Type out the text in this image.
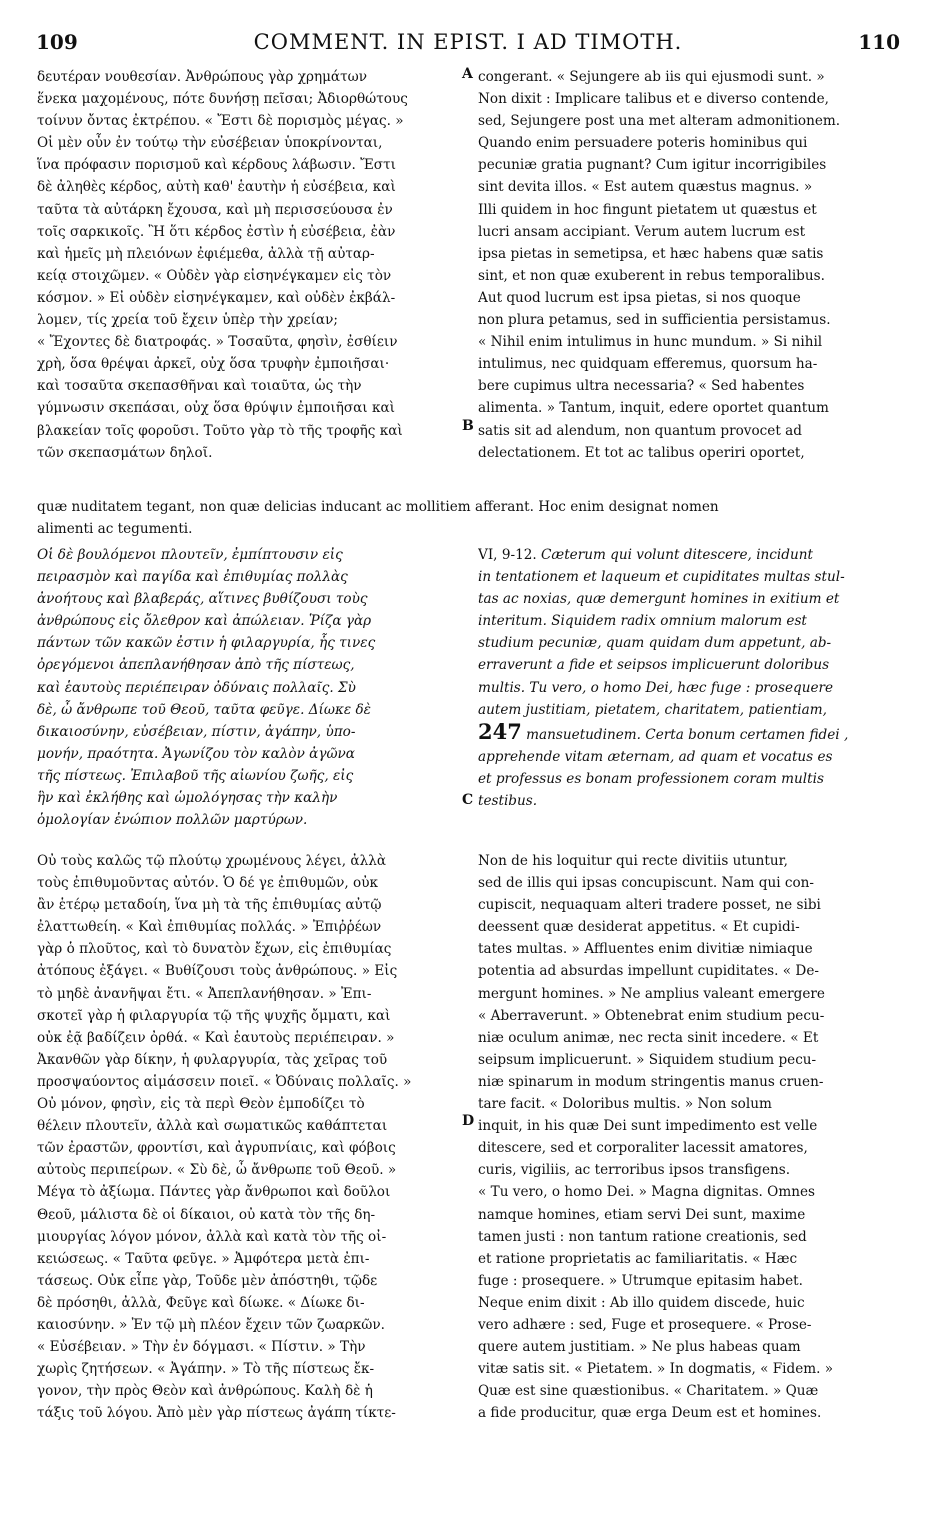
109	COMMENT. IN EPIST. I AD TIMOTH.	110
δευτέραν νουθεσίαν. Ἀνθρώπους γὰρ χρημάτων
ἕνεκα μαχομένους, πότε δυνήσῃ πεῖσαι; Ἀδιορθώτους
τοίνυν ὄντας ἐκτρέπου. « Ἔστι δὲ πορισμὸς μέγας. »
Οἱ μὲν οὖν ἐν τούτῳ τὴν εὐσέβειαν ὑποκρίνονται,
ἵνα πρόφασιν πορισμοῦ καὶ κέρδους λάβωσιν. Ἔστι
δὲ ἀληθὲς κέρδος, αὐτὴ καθ' ἑαυτὴν ἡ εὐσέβεια, καὶ
ταῦτα τὰ αὐτάρκη ἔχουσα, καὶ μὴ περισσεύουσα ἐν
τοῖς σαρκικοῖς. Ἢ ὅτι κέρδος ἐστὶν ἡ εὐσέβεια, ἐὰν
καὶ ἡμεῖς μὴ πλειόνων ἐφιέμεθα, ἀλλὰ τῇ αὐταρ-
κείᾳ στοιχῶμεν. « Οὐδὲν γὰρ εἰσηνέγκαμεν εἰς τὸν
κόσμον. » Εἰ οὐδὲν εἰσηνέγκαμεν, καὶ οὐδὲν ἐκβάλ-
λομεν, τίς χρεία τοῦ ἔχειν ὑπὲρ τὴν χρείαν;
« Ἔχοντες δὲ διατροφάς. » Τοσαῦτα, φησὶν, ἐσθίειν
χρὴ, ὅσα θρέψαι ἀρκεῖ, οὐχ ὅσα τρυφὴν ἐμποιῆσαι·
καὶ τοσαῦτα σκεπασθῆναι καὶ τοιαῦτα, ὡς τὴν
γύμνωσιν σκεπάσαι, οὐχ ὅσα θρύψιν ἐμποιῆσαι καὶ
βλακείαν τοῖς φοροῦσι. Τοῦτο γὰρ τὸ τῆς τροφῆς καὶ
τῶν σκεπασμάτων δηλοῖ.
congerant. « Sejungere ab iis qui ejusmodi sunt. »
Non dixit : Implicare talibus et e diverso contende,
sed, Sejungere post una met alteram admonitionem.
Quando enim persuadere poteris hominibus qui
pecuniæ gratia pugnant? Cum igitur incorrigibiles
sint devita illos. « Est autem quæstus magnus. »
Illi quidem in hoc fingunt pietatem ut quæstus et
lucri ansam accipiant. Verum autem lucrum est
ipsa pietas in semetipsa, et hæc habens quæ satis
sint, et non quæ exuberent in rebus temporalibus.
Aut quod lucrum est ipsa pietas, si nos quoque
non plura petamus, sed in sufficientia persistamus.
« Nihil enim intulimus in hunc mundum. » Si nihil
intulimus, nec quidquam efferemus, quorsum ha-
bere cupimus ultra necessaria? « Sed habentes
alimenta. » Tantum, inquit, edere oportet quantum
satis sit ad alendum, non quantum provocet ad
delectationem. Et tot ac talibus operiri oportet,
quæ nuditatem tegant, non quæ delicias inducant ac mollitiem afferant. Hoc enim designat nomen
alimenti ac tegumenti.
Οἱ δὲ βουλόμενοι πλουτεῖν, ἐμπίπτουσιν εἰς
πειρασμὸν καὶ παγίδα καὶ ἐπιθυμίας πολλὰς
ἀνοήτους καὶ βλαβεράς, αἵτινες βυθίζουσι τοὺς
ἀνθρώπους εἰς ὄλεθρον καὶ ἀπώλειαν. Ῥίζα γὰρ
πάντων τῶν κακῶν ἐστιν ἡ φιλαργυρία, ἧς τινες
ὀρεγόμενοι ἀπεπλανήθησαν ἀπὸ τῆς πίστεως,
καὶ ἑαυτοὺς περιέπειραν ὀδύναις πολλαῖς. Σὺ
δὲ, ὦ ἄνθρωπε τοῦ Θεοῦ, ταῦτα φεῦγε. Δίωκε δὲ
δικαιοσύνην, εὐσέβειαν, πίστιν, ἀγάπην, ὑπο-
μονήν, πραότητα. Ἀγωνίζου τὸν καλὸν ἀγῶνα
τῆς πίστεως. Ἐπιλαβοῦ τῆς αἰωνίου ζωῆς, εἰς
ἣν καὶ ἐκλήθης καὶ ὡμολόγησας τὴν καλὴν
ὁμολογίαν ἐνώπιον πολλῶν μαρτύρων.
VI, 9-12. Cæterum qui volunt ditescere, incidunt
in tentationem et laqueum et cupiditates multas stul-
tas ac noxias, quæ demergunt homines in exitium et
interitum. Siquidem radix omnium malorum est
studium pecuniæ, quam quidam dum appetunt, ab-
erraverunt a fide et seipsos implicuerunt doloribus
multis. Tu vero, o homo Dei, hæc fuge : prosequere
autem justitiam, pietatem, charitatem, patientiam,
247 mansuetudinem. Certa bonum certamen fidei ,
apprehende vitam æternam, ad quam et vocatus es
et professus es bonam professionem coram multis
testibus.
Οὐ τοὺς καλῶς τῷ πλούτῳ χρωμένους λέγει, ἀλλὰ
τοὺς ἐπιθυμοῦντας αὐτόν. Ὁ δέ γε ἐπιθυμῶν, οὐκ
ἂν ἑτέρῳ μεταδοίη, ἵνα μὴ τὰ τῆς ἐπιθυμίας αὐτῷ
ἐλαττωθείη. « Καὶ ἐπιθυμίας πολλάς. » Ἐπιῤῥέων
γὰρ ὁ πλοῦτος, καὶ τὸ δυνατὸν ἔχων, εἰς ἐπιθυμίας
ἀτόπους ἐξάγει. « Βυθίζουσι τοὺς ἀνθρώπους. » Εἰς
τὸ μηδὲ ἀνανῆψαι ἔτι. « Ἀπεπλανήθησαν. » Ἐπι-
σκοτεῖ γὰρ ἡ φιλαργυρία τῷ τῆς ψυχῆς ὄμματι, καὶ
οὐκ ἐᾷ βαδίζειν ὀρθά. « Καὶ ἑαυτοὺς περιέπειραν. »
Ἀκανθῶν γὰρ δίκην, ἡ φυλαργυρία, τὰς χεῖρας τοῦ
προσψαύοντος αἱμάσσειν ποιεῖ. « Ὀδύναις πολλαῖς. »
Οὐ μόνον, φησὶν, εἰς τὰ περὶ Θεὸν ἐμποδίζει τὸ
θέλειν πλουτεῖν, ἀλλὰ καὶ σωματικῶς καθάπτεται
τῶν ἐραστῶν, φροντίσι, καὶ ἀγρυπνίαις, καὶ φόβοις
αὐτοὺς περιπείρων. « Σὺ δὲ, ὦ ἄνθρωπε τοῦ Θεοῦ. »
Μέγα τὸ ἀξίωμα. Πάντες γὰρ ἄνθρωποι καὶ δοῦλοι
Θεοῦ, μάλιστα δὲ οἱ δίκαιοι, οὐ κατὰ τὸν τῆς δη-
μιουργίας λόγον μόνον, ἀλλὰ καὶ κατὰ τὸν τῆς οἰ-
κειώσεως. « Ταῦτα φεῦγε. » Ἀμφότερα μετὰ ἐπι-
τάσεως. Οὐκ εἶπε γὰρ, Τοῦδε μὲν ἀπόστηθι, τῷδε
δὲ πρόσηθι, ἀλλὰ, Φεῦγε καὶ δίωκε. « Δίωκε δι-
καιοσύνην. » Ἐν τῷ μὴ πλέον ἔχειν τῶν ζωαρκῶν.
« Εὐσέβειαν. » Τὴν ἐν δόγμασι. « Πίστιν. » Τὴν
χωρὶς ζητήσεων. « Ἀγάπην. » Τὸ τῆς πίστεως ἔκ-
γονον, τὴν πρὸς Θεὸν καὶ ἀνθρώπους. Καλὴ δὲ ἡ
τάξις τοῦ λόγου. Ἀπὸ μὲν γὰρ πίστεως ἀγάπη τίκτε-
Non de his loquitur qui recte divitiis utuntur,
sed de illis qui ipsas concupiscunt. Nam qui con-
cupiscit, nequaquam alteri tradere posset, ne sibi
deessent quæ desiderat appetitus. « Et cupidi-
tates multas. » Affluentes enim divitiæ nimiaque
potentia ad absurdas impellunt cupiditates. « De-
mergunt homines. » Ne amplius valeant emergere
« Aberraverunt. » Obtenebrat enim studium pecu-
niæ oculum animæ, nec recta sinit incedere. « Et
seipsum implicuerunt. » Siquidem studium pecu-
niæ spinarum in modum stringentis manus cruen-
tare facit. « Doloribus multis. » Non solum
inquit, in his quæ Dei sunt impedimento est velle
ditescere, sed et corporaliter lacessit amatores,
curis, vigiliis, ac terroribus ipsos transfigens.
« Tu vero, o homo Dei. » Magna dignitas. Omnes
namque homines, etiam servi Dei sunt, maxime
tamen justi : non tantum ratione creationis, sed
et ratione proprietatis ac familiaritatis. « Hæc
fuge : prosequere. » Utrumque epitasim habet.
Neque enim dixit : Ab illo quidem discede, huic
vero adhære : sed, Fuge et prosequere. « Prose-
quere autem justitiam. » Ne plus habeas quam
vitæ satis sit. « Pietatem. » In dogmatis, « Fidem. »
Quæ est sine quæstionibus. « Charitatem. » Quæ
a fide producitur, quæ erga Deum est et homines.
A
B
C
D
